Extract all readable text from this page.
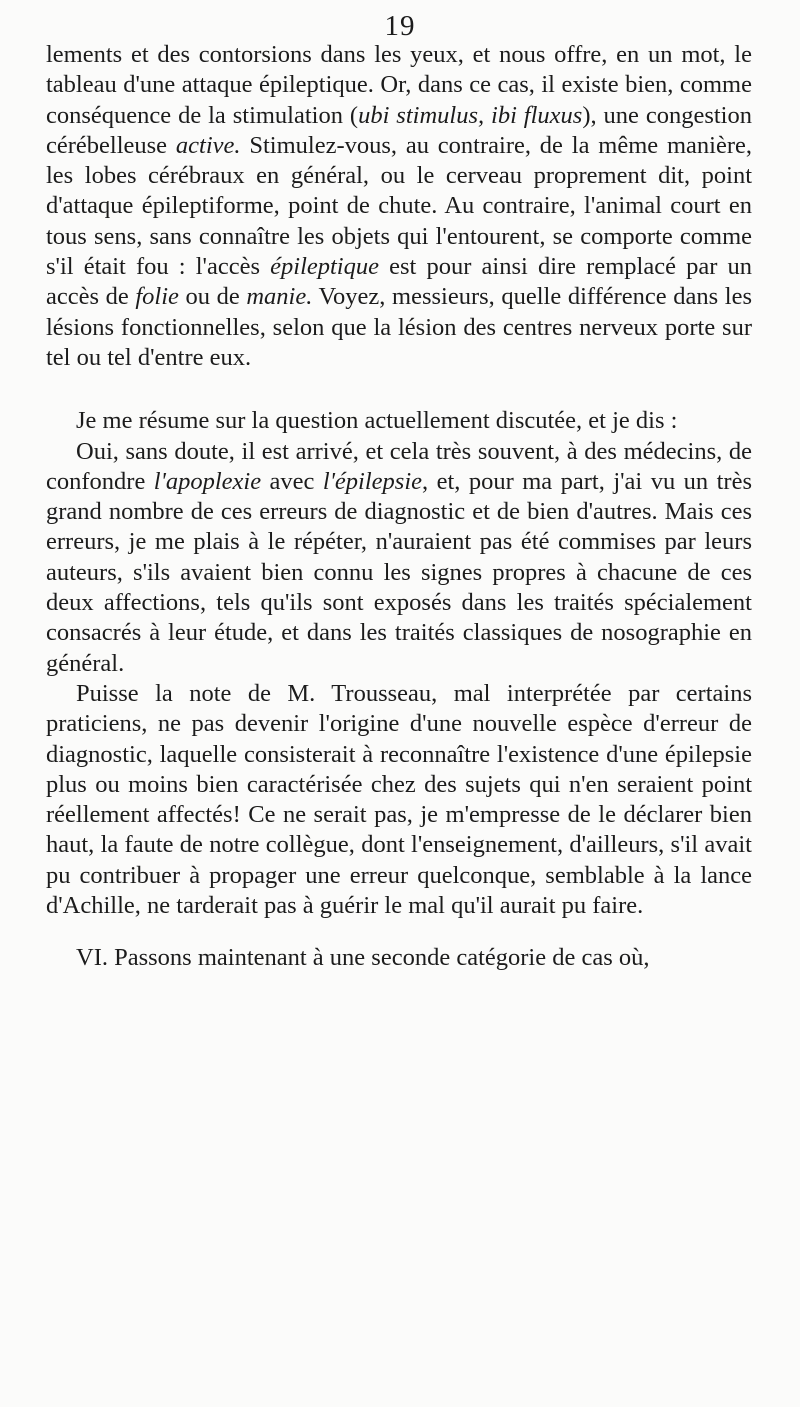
19

lements et des contorsions dans les yeux, et nous offre, en un mot, le tableau d'une attaque épileptique. Or, dans ce cas, il existe bien, comme conséquence de la stimulation (ubi stimulus, ibi fluxus), une congestion cérébelleuse active. Stimulez-vous, au contraire, de la même manière, les lobes cérébraux en général, ou le cerveau proprement dit, point d'attaque épileptiforme, point de chute. Au contraire, l'animal court en tous sens, sans connaître les objets qui l'entourent, se comporte comme s'il était fou : l'accès épileptique est pour ainsi dire remplacé par un accès de folie ou de manie. Voyez, messieurs, quelle différence dans les lésions fonctionnelles, selon que la lésion des centres nerveux porte sur tel ou tel d'entre eux.

Je me résume sur la question actuellement discutée, et je dis :

Oui, sans doute, il est arrivé, et cela très souvent, à des médecins, de confondre l'apoplexie avec l'épilepsie, et, pour ma part, j'ai vu un très grand nombre de ces erreurs de diagnostic et de bien d'autres. Mais ces erreurs, je me plais à le répéter, n'auraient pas été commises par leurs auteurs, s'ils avaient bien connu les signes propres à chacune de ces deux affections, tels qu'ils sont exposés dans les traités spécialement consacrés à leur étude, et dans les traités classiques de nosographie en général.

Puisse la note de M. Trousseau, mal interprétée par certains praticiens, ne pas devenir l'origine d'une nouvelle espèce d'erreur de diagnostic, laquelle consisterait à reconnaître l'existence d'une épilepsie plus ou moins bien caractérisée chez des sujets qui n'en seraient point réellement affectés! Ce ne serait pas, je m'empresse de le déclarer bien haut, la faute de notre collègue, dont l'enseignement, d'ailleurs, s'il avait pu contribuer à propager une erreur quelconque, semblable à la lance d'Achille, ne tarderait pas à guérir le mal qu'il aurait pu faire.

VI. Passons maintenant à une seconde catégorie de cas où,
